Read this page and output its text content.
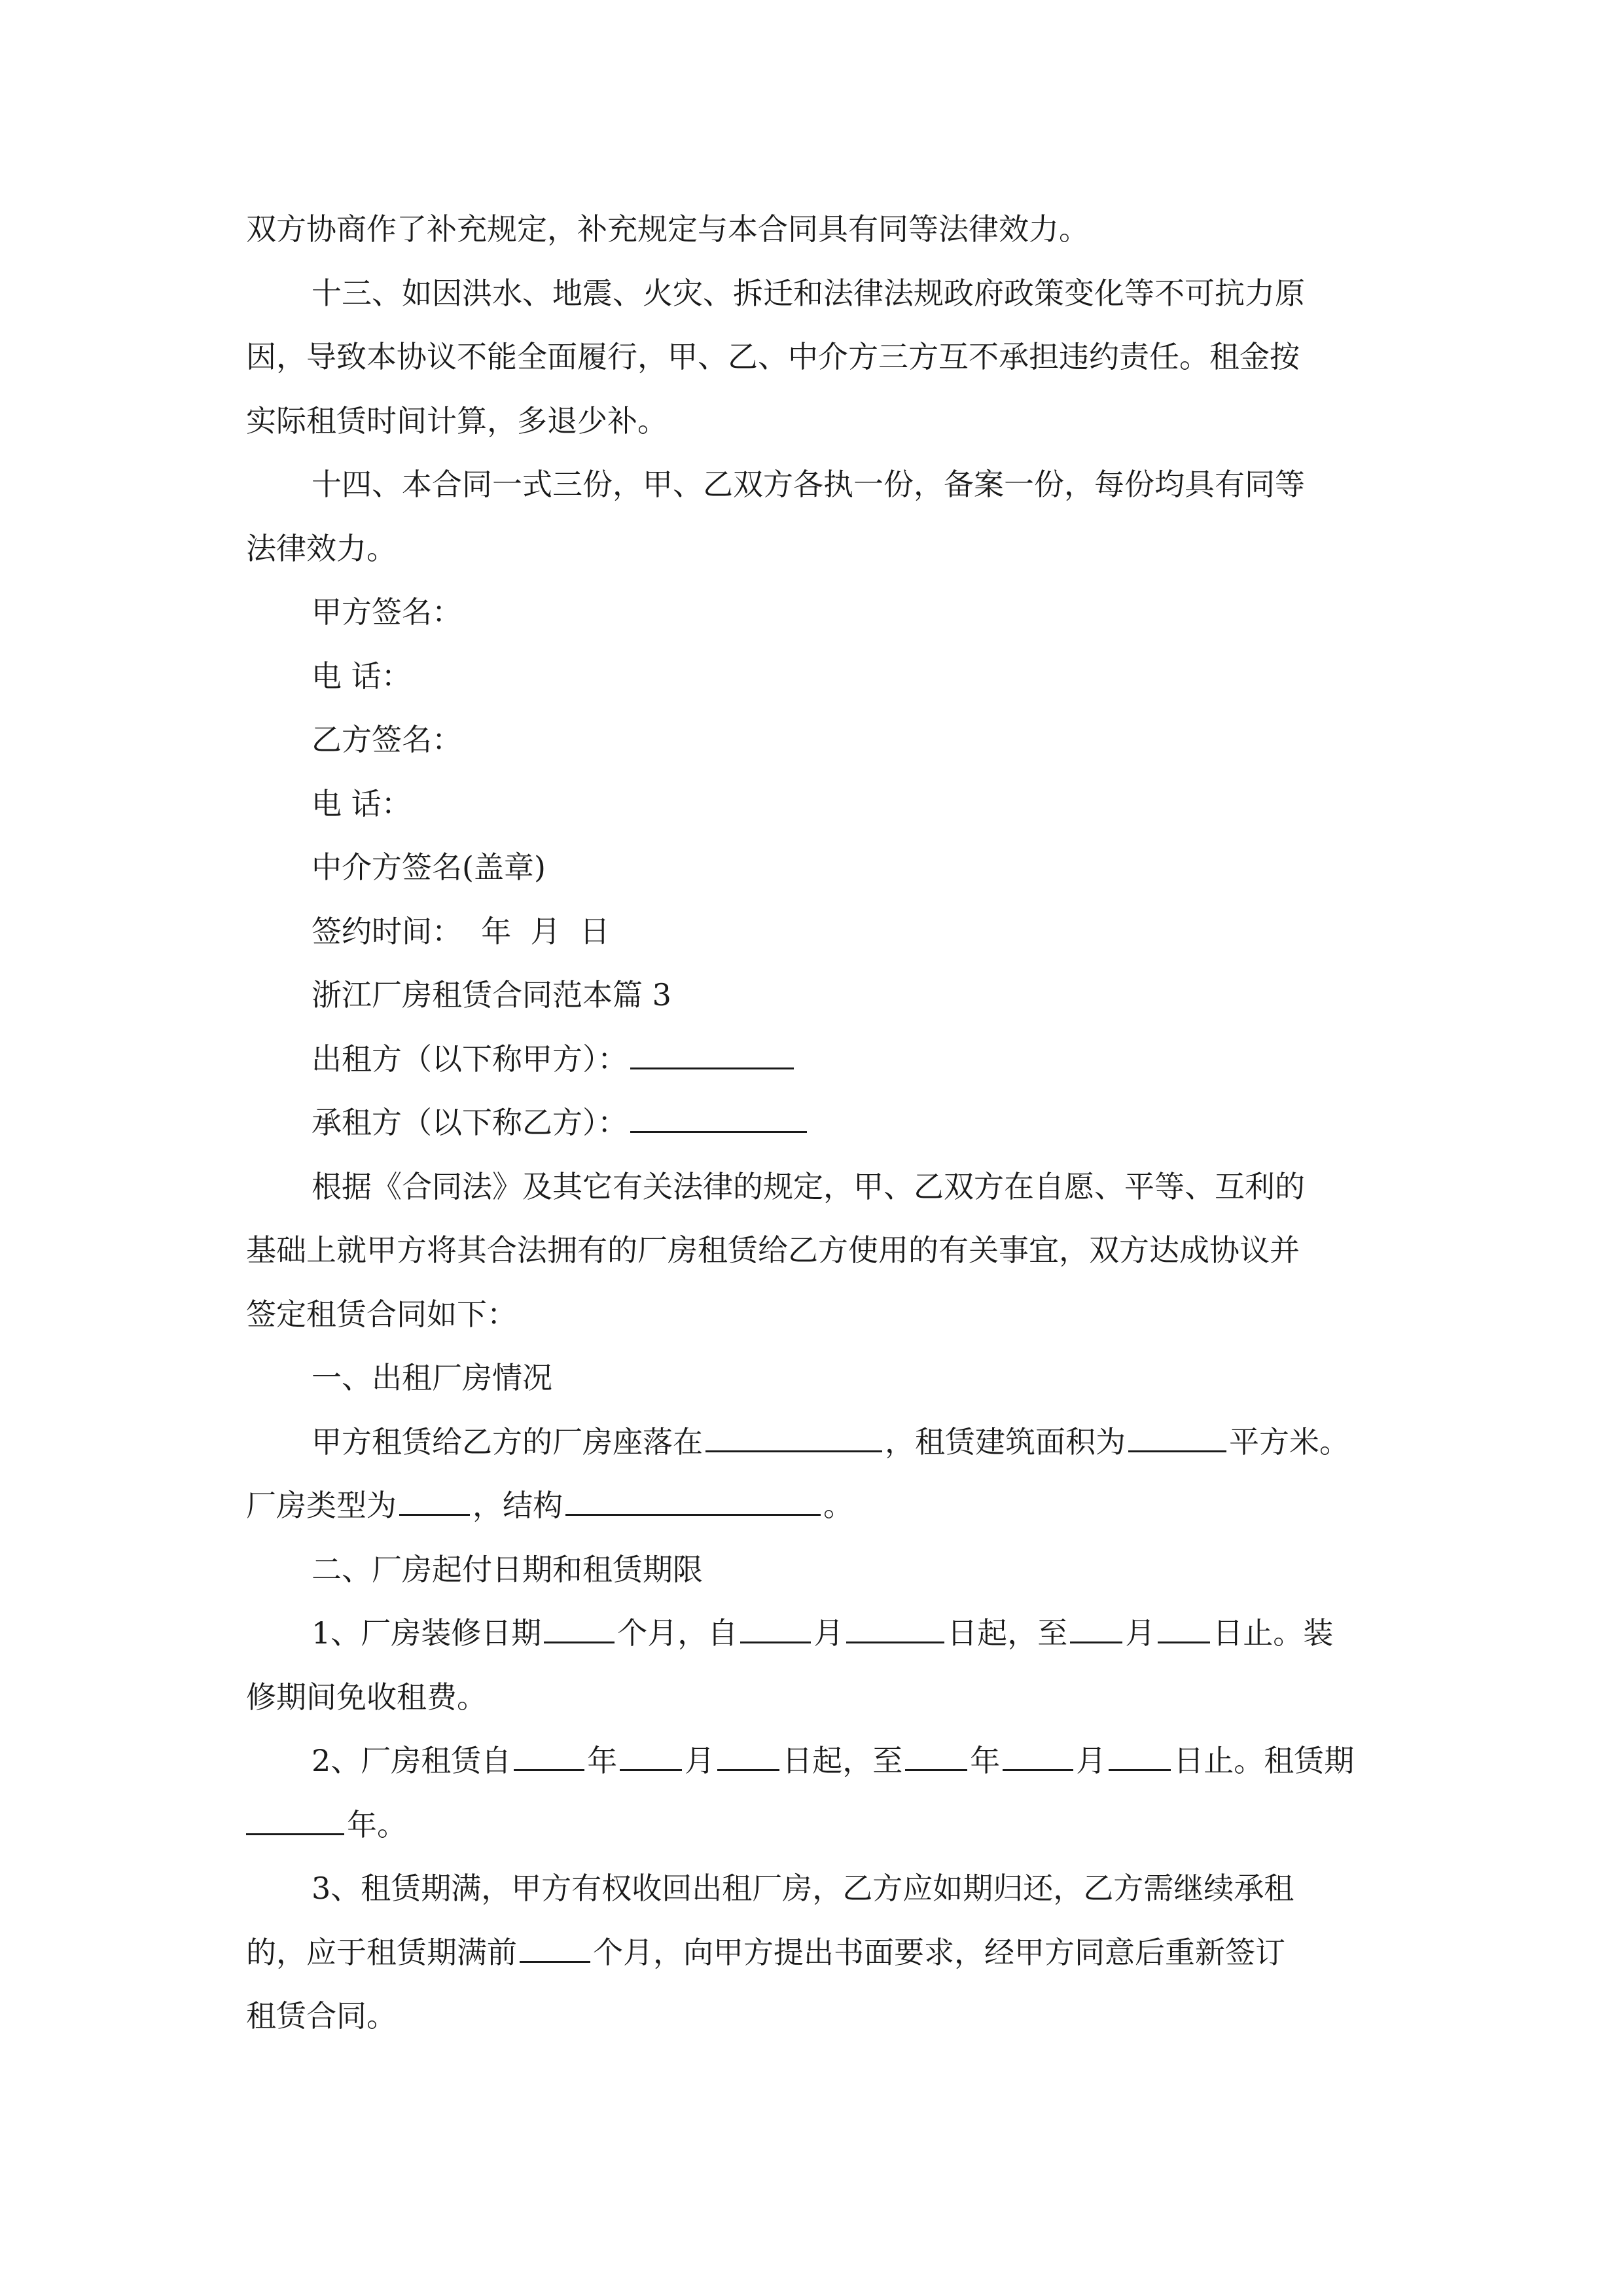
双方协商作了补充规定，补充规定与本合同具有同等法律效力。

十三、如因洪水、地震、火灾、拆迁和法律法规政府政策变化等不可抗力原

因，导致本协议不能全面履行，甲、乙、中介方三方互不承担违约责任。租金按

实际租赁时间计算，多退少补。

十四、本合同一式三份，甲、乙双方各执一份，备案一份，每份均具有同等

法律效力。

甲方签名：

电 话：

乙方签名：

电 话：

中介方签名(盖章)

签约时间：  年  月  日

浙江厂房租赁合同范本篇 3

出租方（以下称甲方）：

承租方（以下称乙方）：

根据《合同法》及其它有关法律的规定，甲、乙双方在自愿、平等、互利的

基础上就甲方将其合法拥有的厂房租赁给乙方使用的有关事宜，双方达成协议并

签定租赁合同如下：

一、出租厂房情况

甲方租赁给乙方的厂房座落在	，租赁建筑面积为	平方米。

厂房类型为	，结构	。

二、厂房起付日期和租赁期限

1、厂房装修日期	个月，自	月	日起，至 月 日止。装

修期间免收租费。

2、厂房租赁自	年 月 日起，至 年	月 日止。租赁期

年。

3、租赁期满，甲方有权收回出租厂房，乙方应如期归还，乙方需继续承租

的，应于租赁期满前	个月，向甲方提出书面要求，经甲方同意后重新签订

租赁合同。
